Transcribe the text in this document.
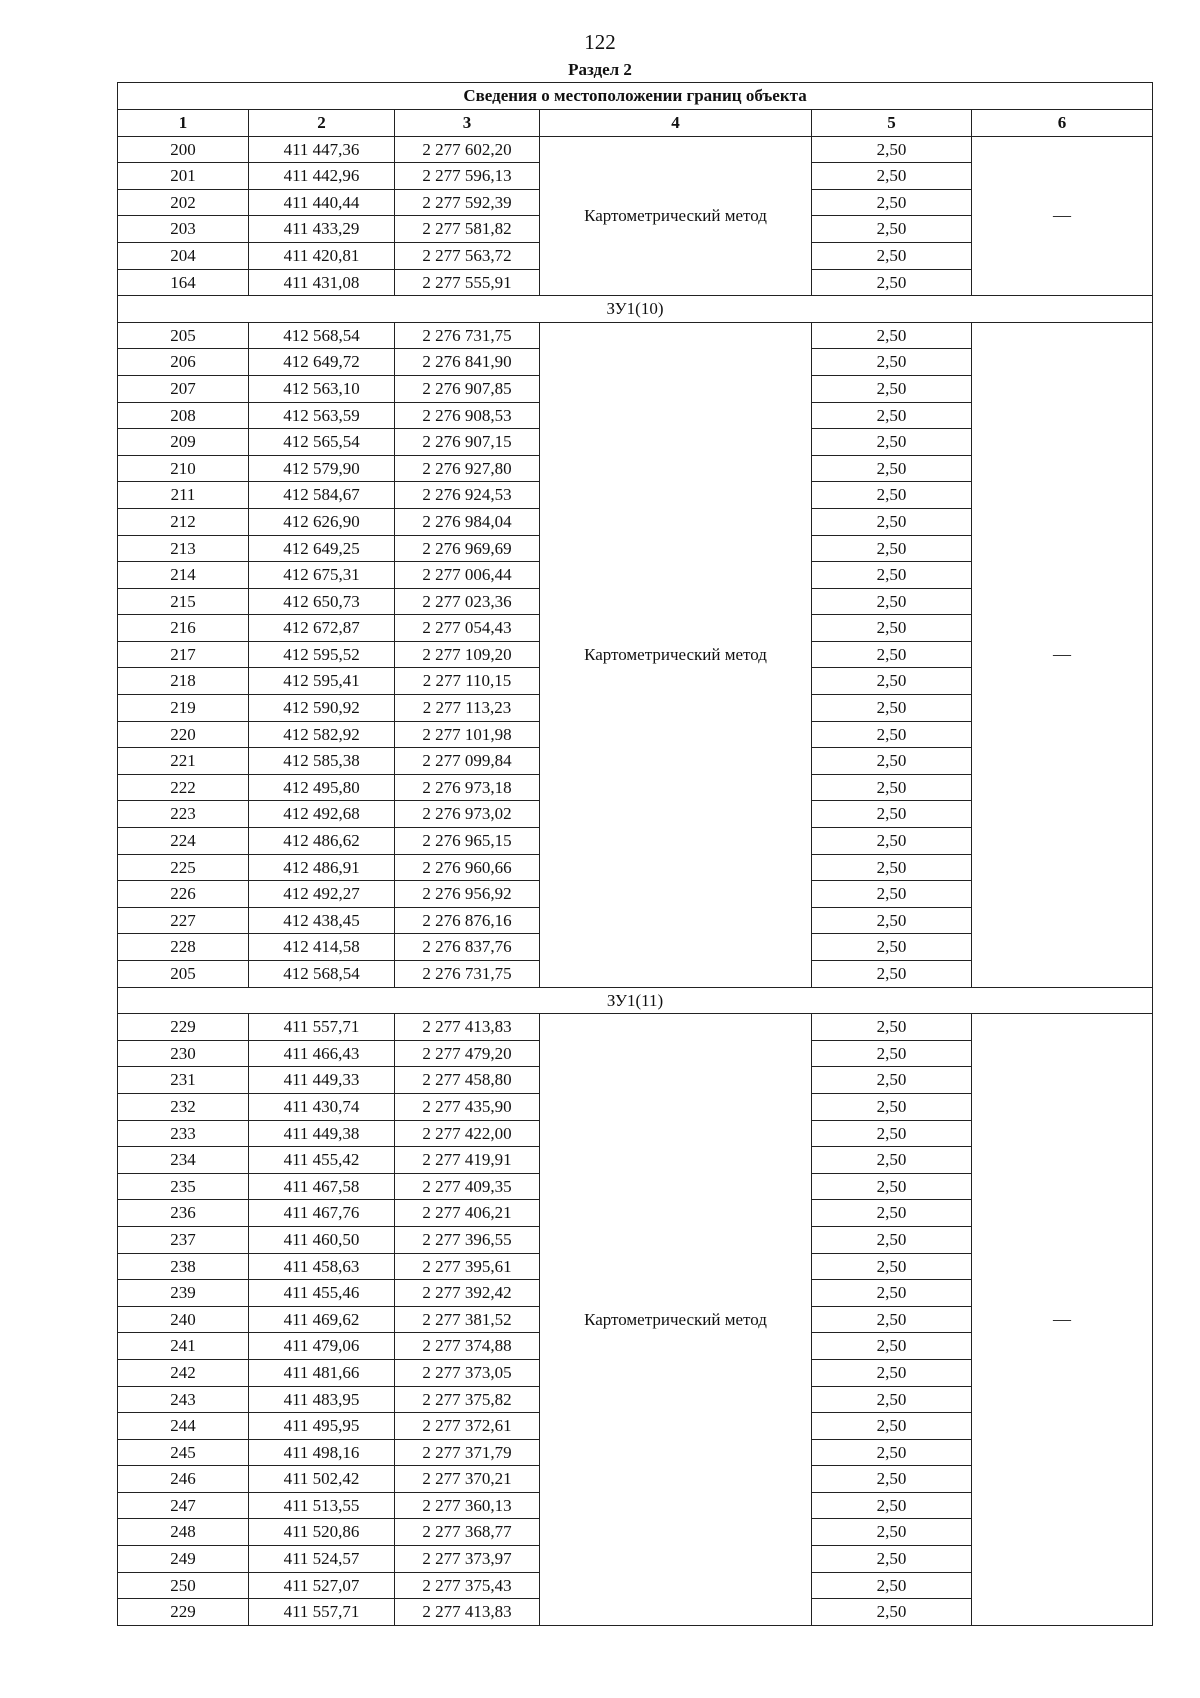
122
Раздел 2
Сведения о местоположении границ объекта					
1	2	3	4	5	6
200	411 447,36	2 277 602,20	Картометрический метод	2,50	—
201	411 442,96	2 277 596,13		2,50	
202	411 440,44	2 277 592,39		2,50	
203	411 433,29	2 277 581,82		2,50	
204	411 420,81	2 277 563,72		2,50	
164	411 431,08	2 277 555,91		2,50	
ЗУ1(10)					
205	412 568,54	2 276 731,75	Картометрический метод	2,50	—
206	412 649,72	2 276 841,90		2,50	
207	412 563,10	2 276 907,85		2,50	
208	412 563,59	2 276 908,53		2,50	
209	412 565,54	2 276 907,15		2,50	
210	412 579,90	2 276 927,80		2,50	
211	412 584,67	2 276 924,53		2,50	
212	412 626,90	2 276 984,04		2,50	
213	412 649,25	2 276 969,69		2,50	
214	412 675,31	2 277 006,44		2,50	
215	412 650,73	2 277 023,36		2,50	
216	412 672,87	2 277 054,43		2,50	
217	412 595,52	2 277 109,20		2,50	
218	412 595,41	2 277 110,15		2,50	
219	412 590,92	2 277 113,23		2,50	
220	412 582,92	2 277 101,98		2,50	
221	412 585,38	2 277 099,84		2,50	
222	412 495,80	2 276 973,18		2,50	
223	412 492,68	2 276 973,02		2,50	
224	412 486,62	2 276 965,15		2,50	
225	412 486,91	2 276 960,66		2,50	
226	412 492,27	2 276 956,92		2,50	
227	412 438,45	2 276 876,16		2,50	
228	412 414,58	2 276 837,76		2,50	
205	412 568,54	2 276 731,75		2,50	
ЗУ1(11)					
229	411 557,71	2 277 413,83	Картометрический метод	2,50	—
230	411 466,43	2 277 479,20		2,50	
231	411 449,33	2 277 458,80		2,50	
232	411 430,74	2 277 435,90		2,50	
233	411 449,38	2 277 422,00		2,50	
234	411 455,42	2 277 419,91		2,50	
235	411 467,58	2 277 409,35		2,50	
236	411 467,76	2 277 406,21		2,50	
237	411 460,50	2 277 396,55		2,50	
238	411 458,63	2 277 395,61		2,50	
239	411 455,46	2 277 392,42		2,50	
240	411 469,62	2 277 381,52		2,50	
241	411 479,06	2 277 374,88		2,50	
242	411 481,66	2 277 373,05		2,50	
243	411 483,95	2 277 375,82		2,50	
244	411 495,95	2 277 372,61		2,50	
245	411 498,16	2 277 371,79		2,50	
246	411 502,42	2 277 370,21		2,50	
247	411 513,55	2 277 360,13		2,50	
248	411 520,86	2 277 368,77		2,50	
249	411 524,57	2 277 373,97		2,50	
250	411 527,07	2 277 375,43		2,50	
229	411 557,71	2 277 413,83		2,50	
